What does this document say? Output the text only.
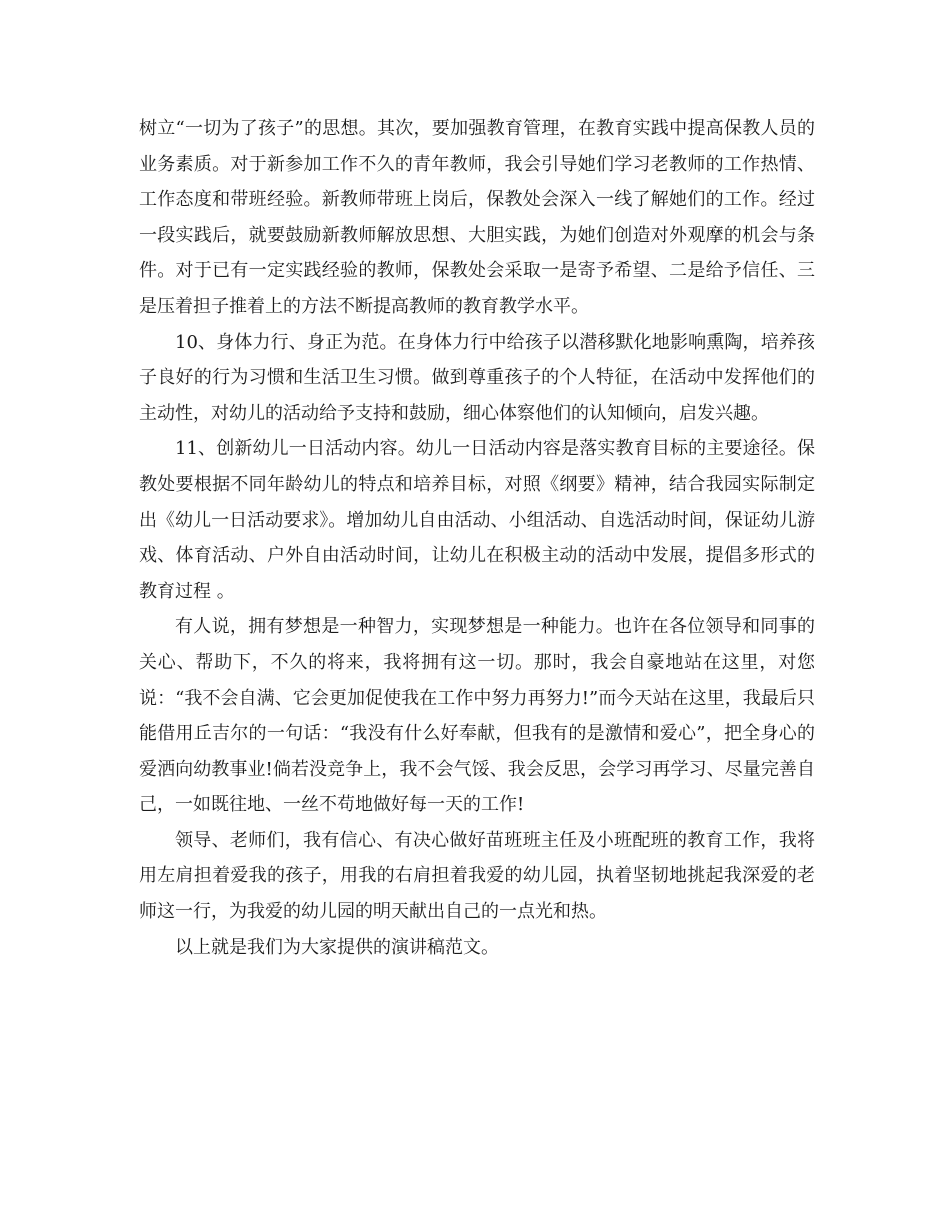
树立“一切为了孩子”的思想。其次，要加强教育管理，在教育实践中提高保教人员的业务素质。对于新参加工作不久的青年教师，我会引导她们学习老教师的工作热情、工作态度和带班经验。新教师带班上岗后，保教处会深入一线了解她们的工作。经过一段实践后，就要鼓励新教师解放思想、大胆实践，为她们创造对外观摩的机会与条件。对于已有一定实践经验的教师，保教处会采取一是寄予希望、二是给予信任、三是压着担子推着上的方法不断提高教师的教育教学水平。

10、身体力行、身正为范。在身体力行中给孩子以潜移默化地影响熏陶，培养孩子良好的行为习惯和生活卫生习惯。做到尊重孩子的个人特征，在活动中发挥他们的主动性，对幼儿的活动给予支持和鼓励，细心体察他们的认知倾向，启发兴趣。

11、创新幼儿一日活动内容。幼儿一日活动内容是落实教育目标的主要途径。保教处要根据不同年龄幼儿的特点和培养目标，对照《纲要》精神，结合我园实际制定出《幼儿一日活动要求》。增加幼儿自由活动、小组活动、自选活动时间，保证幼儿游戏、体育活动、户外自由活动时间，让幼儿在积极主动的活动中发展，提倡多形式的教育过程 。

有人说，拥有梦想是一种智力，实现梦想是一种能力。也许在各位领导和同事的关心、帮助下，不久的将来，我将拥有这一切。那时，我会自豪地站在这里，对您说：“我不会自满、它会更加促使我在工作中努力再努力!”而今天站在这里，我最后只能借用丘吉尔的一句话：“我没有什么好奉献，但我有的是激情和爱心”，把全身心的爱洒向幼教事业!倘若没竞争上，我不会气馁、我会反思，会学习再学习、尽量完善自己，一如既往地、一丝不苟地做好每一天的工作!

领导、老师们，我有信心、有决心做好苗班班主任及小班配班的教育工作，我将用左肩担着爱我的孩子，用我的右肩担着我爱的幼儿园，执着坚韧地挑起我深爱的老师这一行，为我爱的幼儿园的明天献出自己的一点光和热。

以上就是我们为大家提供的演讲稿范文。
